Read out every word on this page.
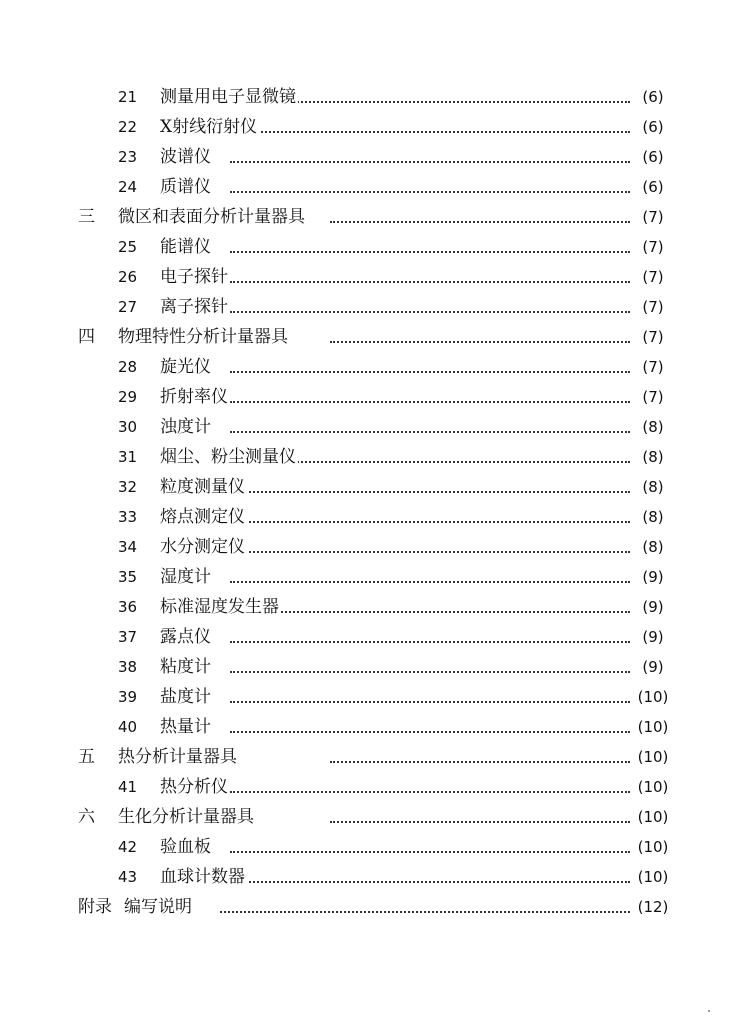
21 测量用电子显微镜	(6)
22 X射线衍射仪	(6)
23 波谱仪	(6)
24 质谱仪	(6)
三	微区和表面分析计量器具	(7)
25 能谱仪	(7)
26 电子探针	(7)
27 离子探针	(7)
四	物理特性分析计量器具	(7)
28 旋光仪	(7)
29 折射率仪	(7)
30 浊度计	(8)
31 烟尘、粉尘测量仪	(8)
32 粒度测量仪	(8)
33 熔点测定仪	(8)
34 水分测定仪	(8)
35 湿度计	(9)
36 标准湿度发生器	(9)
37 露点仪	(9)
38 粘度计	(9)
39 盐度计	(10)
40 热量计	(10)
五	热分析计量器具	(10)
41 热分析仪	(10)
六	生化分析计量器具	(10)
42 验血板	(10)
43 血球计数器	(10)
附录 编写说明	(12)
